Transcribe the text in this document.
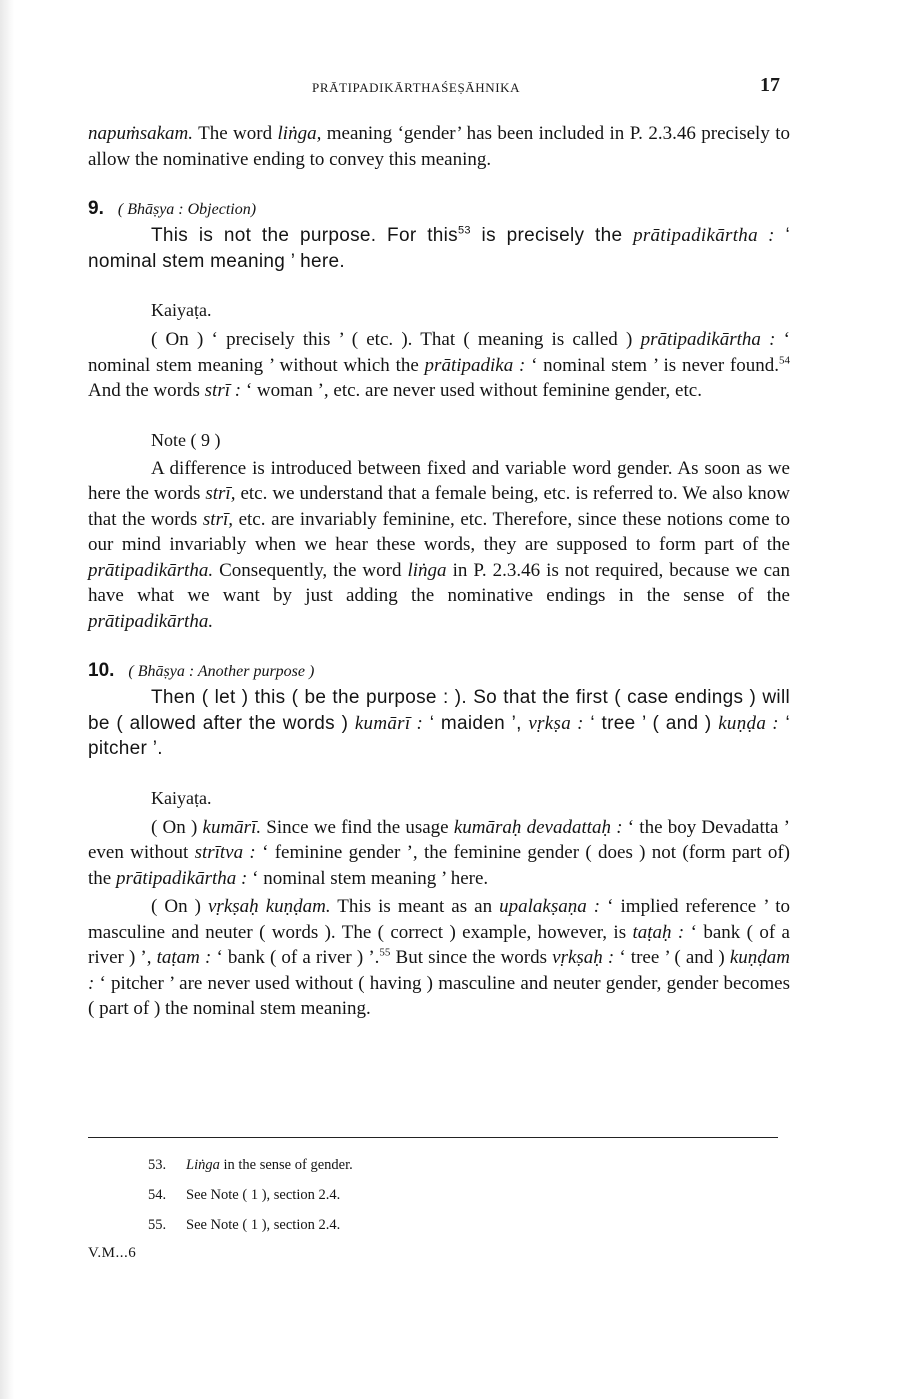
PRĀTIPADIKĀRTHAŚEṢĀHNIKA	17

napuṁsakam. The word liṅga, meaning ‘gender’ has been included in P. 2.3.46 precisely to allow the nominative ending to convey this meaning.

9. ( Bhāṣya : Objection)

This is not the purpose. For this$^{53}$ is precisely the prātipadikārtha : ‘ nominal stem meaning ’ here.

Kaiyaṭa.

( On ) ‘ precisely this ’ ( etc. ). That ( meaning is called ) prātipadikārtha : ‘ nominal stem meaning ’ without which the prātipadika : ‘ nominal stem ’ is never found.$^{54}$ And the words strī : ‘ woman ’, etc. are never used without feminine gender, etc.

Note ( 9 )

A difference is introduced between fixed and variable word gender. As soon as we here the words strī, etc. we understand that a female being, etc. is referred to. We also know that the words strī, etc. are invariably feminine, etc. Therefore, since these notions come to our mind invariably when we hear these words, they are supposed to form part of the prātipadikārtha. Consequently, the word liṅga in P. 2.3.46 is not required, because we can have what we want by just adding the nominative endings in the sense of the prātipadikārtha.

10. ( Bhāṣya : Another purpose )

Then ( let ) this ( be the purpose : ). So that the first ( case endings ) will be ( allowed after the words ) kumārī : ‘ maiden ’, vṛkṣa : ‘ tree ’ ( and ) kuṇḍa : ‘ pitcher ’.

Kaiyaṭa.

( On ) kumārī. Since we find the usage kumāraḥ devadattaḥ : ‘ the boy Devadatta ’ even without strītva : ‘ feminine gender ’, the feminine gender ( does ) not (form part of) the prātipadikārtha : ‘ nominal stem meaning ’ here.

( On ) vṛkṣaḥ kuṇḍam. This is meant as an upalakṣaṇa : ‘ implied reference ’ to masculine and neuter ( words ). The ( correct ) example, however, is taṭaḥ : ‘ bank ( of a river ) ’, taṭam : ‘ bank ( of a river ) ’.$^{55}$ But since the words vṛkṣaḥ : ‘ tree ’ ( and ) kuṇḍam : ‘ pitcher ’ are never used without ( having ) masculine and neuter gender, gender becomes ( part of ) the nominal stem meaning.

53. Liṅga in the sense of gender.

54. See Note ( 1 ), section 2.4.

55. See Note ( 1 ), section 2.4.

V.M...6
